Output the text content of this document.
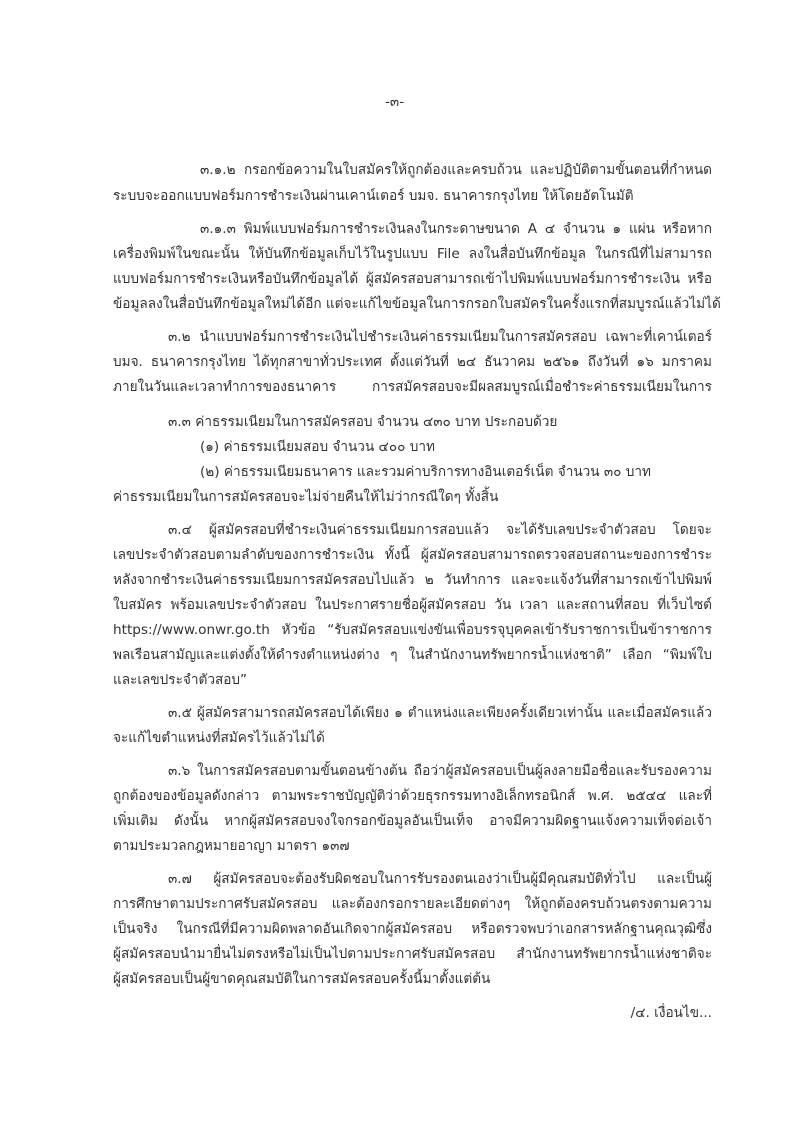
-๓-
๓.๑.๒ กรอกข้อความในใบสมัครให้ถูกต้องและครบถ้วน และปฏิบัติตามขั้นตอนที่กำหนด
ระบบจะออกแบบฟอร์มการชำระเงินผ่านเคาน์เตอร์ บมจ. ธนาคารกรุงไทย ให้โดยอัตโนมัติ
๓.๑.๓ พิมพ์แบบฟอร์มการชำระเงินลงในกระดาษขนาด A ๔ จำนวน ๑ แผ่น หรือหาก
เครื่องพิมพ์ในขณะนั้น ให้บันทึกข้อมูลเก็บไว้ในรูปแบบ File ลงในสื่อบันทึกข้อมูล ในกรณีที่ไม่สามารถ
แบบฟอร์มการชำระเงินหรือบันทึกข้อมูลได้ ผู้สมัครสอบสามารถเข้าไปพิมพ์แบบฟอร์มการชำระเงิน หรือ
ข้อมูลลงในสื่อบันทึกข้อมูลใหม่ได้อีก แต่จะแก้ไขข้อมูลในการกรอกใบสมัครในครั้งแรกที่สมบูรณ์แล้วไม่ได้
๓.๒ นำแบบฟอร์มการชำระเงินไปชำระเงินค่าธรรมเนียมในการสมัครสอบ เฉพาะที่เคาน์เตอร์
บมจ. ธนาคารกรุงไทย ได้ทุกสาขาทั่วประเทศ ตั้งแต่วันที่ ๒๔ ธันวาคม ๒๕๖๑ ถึงวันที่ ๑๖ มกราคม
ภายในวันและเวลาทำการของธนาคาร การสมัครสอบจะมีผลสมบูรณ์เมื่อชำระค่าธรรมเนียมในการ
๓.๓ ค่าธรรมเนียมในการสมัครสอบ จำนวน ๔๓๐ บาท ประกอบด้วย
(๑) ค่าธรรมเนียมสอบ จำนวน ๔๐๐ บาท
(๒) ค่าธรรมเนียมธนาคาร และรวมค่าบริการทางอินเตอร์เน็ต จำนวน ๓๐ บาท
ค่าธรรมเนียมในการสมัครสอบจะไม่จ่ายคืนให้ไม่ว่ากรณีใดๆ ทั้งสิ้น
๓.๔ ผู้สมัครสอบที่ชำระเงินค่าธรรมเนียมการสอบแล้ว จะได้รับเลขประจำตัวสอบ โดยจะ
เลขประจำตัวสอบตามลำดับของการชำระเงิน ทั้งนี้ ผู้สมัครสอบสามารถตรวจสอบสถานะของการชำระ
หลังจากชำระเงินค่าธรรมเนียมการสมัครสอบไปแล้ว ๒ วันทำการ และจะแจ้งวันที่สามารถเข้าไปพิมพ์
ใบสมัคร พร้อมเลขประจำตัวสอบ ในประกาศรายชื่อผู้สมัครสอบ วัน เวลา และสถานที่สอบ ที่เว็บไซต์
https://www.onwr.go.th หัวข้อ “รับสมัครสอบแข่งขันเพื่อบรรจุบุคคลเข้ารับราชการเป็นข้าราชการ
พลเรือนสามัญและแต่งตั้งให้ดำรงตำแหน่งต่าง ๆ ในสำนักงานทรัพยากรน้ำแห่งชาติ” เลือก “พิมพ์ใบ
และเลขประจำตัวสอบ”
๓.๕ ผู้สมัครสามารถสมัครสอบได้เพียง ๑ ตำแหน่งและเพียงครั้งเดียวเท่านั้น และเมื่อสมัครแล้ว
จะแก้ไขตำแหน่งที่สมัครไว้แล้วไม่ได้
๓.๖ ในการสมัครสอบตามขั้นตอนข้างต้น ถือว่าผู้สมัครสอบเป็นผู้ลงลายมือชื่อและรับรองความ
ถูกต้องของข้อมูลดังกล่าว ตามพระราชบัญญัติว่าด้วยธุรกรรมทางอิเล็กทรอนิกส์ พ.ศ. ๒๕๔๔ และที่
เพิ่มเติม ดังนั้น หากผู้สมัครสอบจงใจกรอกข้อมูลอันเป็นเท็จ อาจมีความผิดฐานแจ้งความเท็จต่อเจ้า
ตามประมวลกฎหมายอาญา มาตรา ๑๓๗
๓.๗ ผู้สมัครสอบจะต้องรับผิดชอบในการรับรองตนเองว่าเป็นผู้มีคุณสมบัติทั่วไป และเป็นผู้
การศึกษาตามประกาศรับสมัครสอบ และต้องกรอกรายละเอียดต่างๆ ให้ถูกต้องครบถ้วนตรงตามความ
เป็นจริง ในกรณีที่มีความผิดพลาดอันเกิดจากผู้สมัครสอบ หรือตรวจพบว่าเอกสารหลักฐานคุณวุฒิซึ่ง
ผู้สมัครสอบนำมายื่นไม่ตรงหรือไม่เป็นไปตามประกาศรับสมัครสอบ สำนักงานทรัพยากรน้ำแห่งชาติจะ
ผู้สมัครสอบเป็นผู้ขาดคุณสมบัติในการสมัครสอบครั้งนี้มาตั้งแต่ต้น
/๔. เงื่อนไข...
